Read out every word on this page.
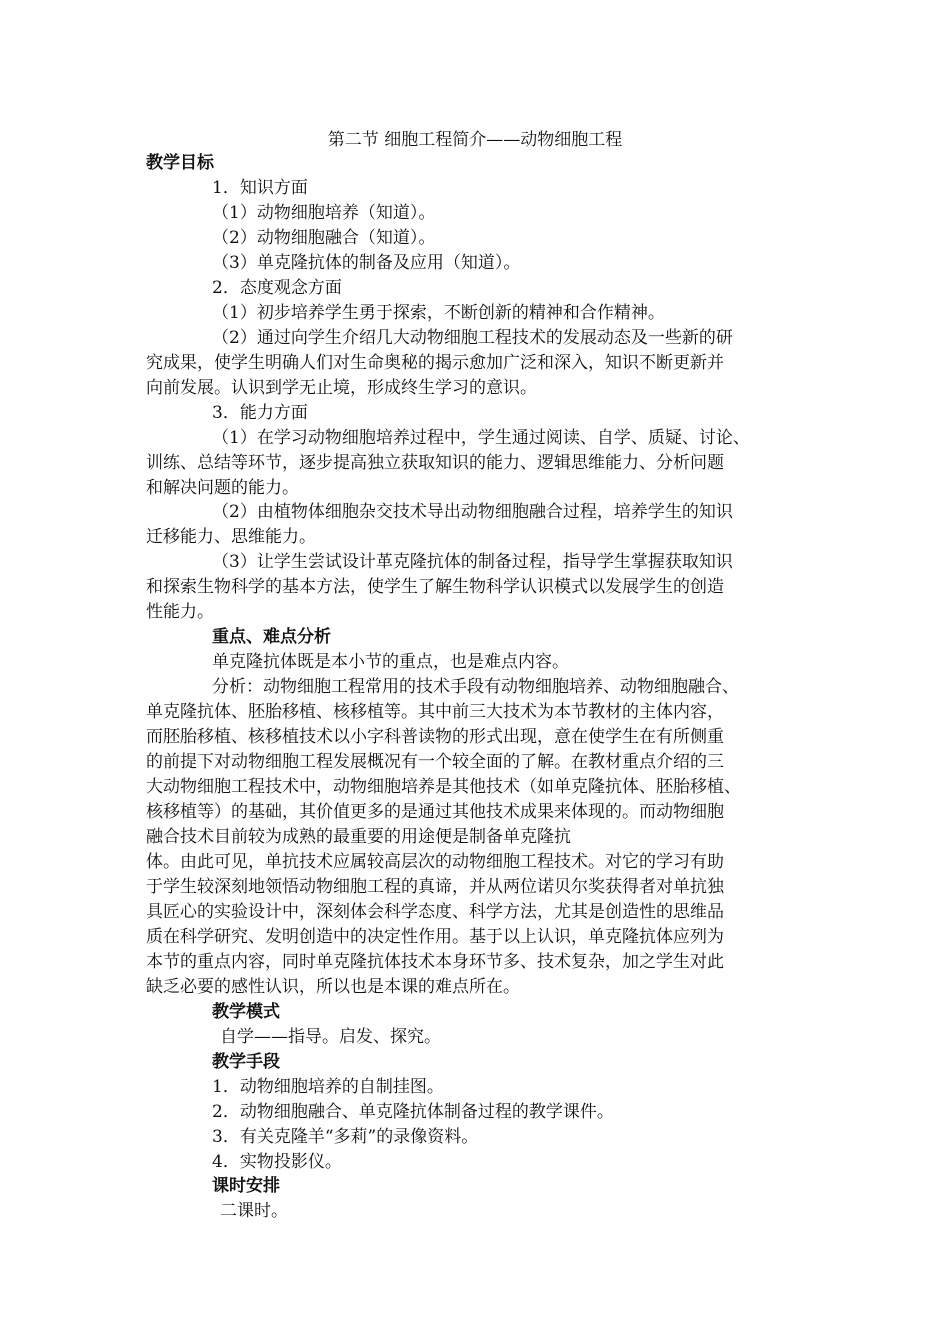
第二节 细胞工程简介——动物细胞工程
教学目标
1．知识方面
（1）动物细胞培养（知道）。
（2）动物细胞融合（知道）。
（3）单克隆抗体的制备及应用（知道）。
2．态度观念方面
（1）初步培养学生勇于探索，不断创新的精神和合作精神。
（2）通过向学生介绍几大动物细胞工程技术的发展动态及一些新的研
究成果，使学生明确人们对生命奥秘的揭示愈加广泛和深入，知识不断更新并
向前发展。认识到学无止境，形成终生学习的意识。
3．能力方面
（1）在学习动物细胞培养过程中，学生通过阅读、自学、质疑、讨论、
训练、总结等环节，逐步提高独立获取知识的能力、逻辑思维能力、分析问题
和解决问题的能力。
（2）由植物体细胞杂交技术导出动物细胞融合过程，培养学生的知识
迁移能力、思维能力。
（3）让学生尝试设计革克隆抗体的制备过程，指导学生掌握获取知识
和探索生物科学的基本方法，使学生了解生物科学认识模式以发展学生的创造
性能力。
重点、难点分析
单克隆抗体既是本小节的重点，也是难点内容。
分析：动物细胞工程常用的技术手段有动物细胞培养、动物细胞融合、
单克隆抗体、胚胎移植、核移植等。其中前三大技术为本节教材的主体内容，
而胚胎移植、核移植技术以小字科普读物的形式出现，意在使学生在有所侧重
的前提下对动物细胞工程发展概况有一个较全面的了解。在教材重点介绍的三
大动物细胞工程技术中，动物细胞培养是其他技术（如单克隆抗体、胚胎移植、
核移植等）的基础，其价值更多的是通过其他技术成果来体现的。而动物细胞
融合技术目前较为成熟的最重要的用途便是制备单克隆抗
体。由此可见，单抗技术应属较高层次的动物细胞工程技术。对它的学习有助
于学生较深刻地领悟动物细胞工程的真谛，并从两位诺贝尔奖获得者对单抗独
具匠心的实验设计中，深刻体会科学态度、科学方法，尤其是创造性的思维品
质在科学研究、发明创造中的决定性作用。基于以上认识，单克隆抗体应列为
本节的重点内容，同时单克隆抗体技术本身环节多、技术复杂，加之学生对此
缺乏必要的感性认识，所以也是本课的难点所在。
教学模式
自学——指导。启发、探究。
教学手段
1．动物细胞培养的自制挂图。
2．动物细胞融合、单克隆抗体制备过程的教学课件。
3．有关克隆羊“多莉”的录像资料。
4．实物投影仪。
课时安排
二课时。
